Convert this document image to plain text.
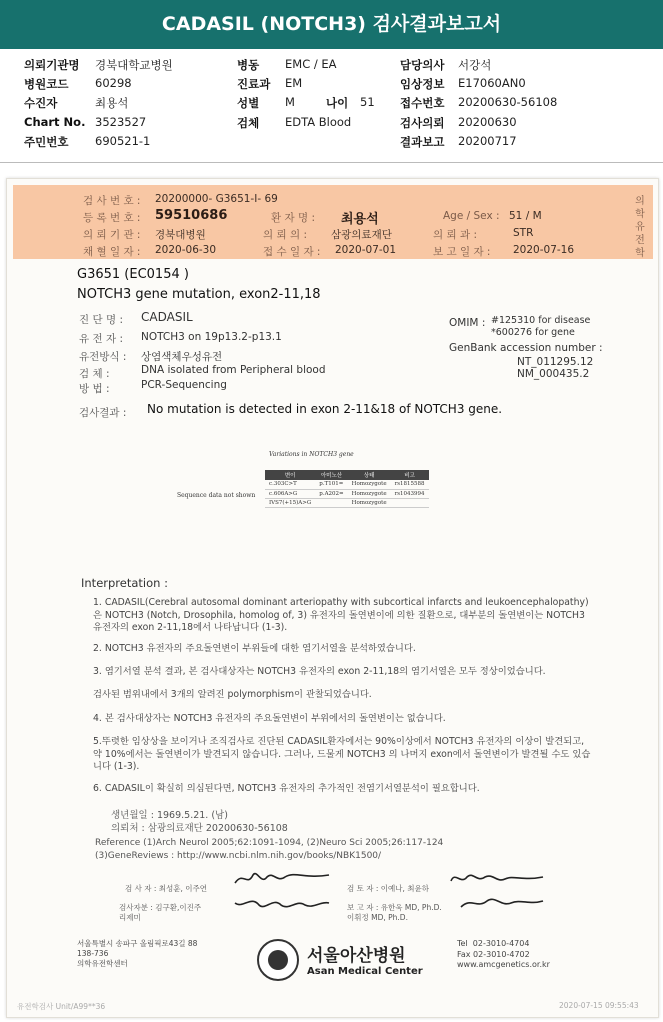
CADASIL (NOTCH3) 검사결과보고서
의뢰기관명 경북대학교병원
병원코드 60298
수진자	최용석
Chart No. 3523527
주민번호 690521-1
병동 EMC / EA
진료과 EM
성별 M	나이 51
검체 EDTA Blood
담당의사 서강석
임상정보 E17060AN0
접수번호 20200630-56108
검사의뢰 20200630
결과보고 20200717
검 사 번 호 : 20200000- G3651-I- 69
등 록 번 호 : 59510686	환 자 명 : 최용석	Age / Sex : 51 / M
의 뢰 기 관 : 경북대병원	의 뢰 의 : 삼광의료재단	의 뢰 과 :	STR
채 혈 일 자 : 2020-06-30	접 수 일 자 : 2020-07-01	보 고 일 자 : 2020-07-16
의학유전학
G3651 (EC0154 )
NOTCH3 gene mutation, exon2-11,18
진 단 명 : CADASIL
유 전 자 : NOTCH3 on 19p13.2-p13.1
유전방식 : 상염색체우성유전
검 체 :	DNA isolated from Peripheral blood
방 법 :	PCR-Sequencing
OMIM : #125310 for disease
*600276 for gene
GenBank accession number :
NT_011295.12
NM_000435.2
검사결과 : No mutation is detected in exon 2-11&18 of NOTCH3 gene.
Variations in NOTCH3 gene
Sequence data not shown
변이	아미노산	상태	비고
c.303C>T	p.T101=	Homozygote	rs1815588
c.606A>G	p.A202=	Homozygote	rs1043994
IVS7(+15)A>G		Homozygote	
Interpretation :
1. CADASIL(Cerebral autosomal dominant arteriopathy with subcortical infarcts and leukoencephalopathy)은 NOTCH3 (Notch, Drosophila, homolog of, 3) 유전자의 돌연변이에 의한 질환으로, 대부분의 돌연변이는 NOTCH3 유전자의 exon 2-11,18에서 나타납니다 (1-3).
2. NOTCH3 유전자의 주요돌연변이 부위들에 대한 염기서열을 분석하였습니다.
3. 염기서열 분석 결과, 본 검사대상자는 NOTCH3 유전자의 exon 2-11,18의 염기서열은 모두 정상이었습니다.
검사된 범위내에서 3개의 알려진 polymorphism이 관찰되었습니다.
4. 본 검사대상자는 NOTCH3 유전자의 주요돌연변이 부위에서의 돌연변이는 없습니다.
5.뚜렷한 임상상을 보이거나 조직검사로 진단된 CADASIL환자에서는 90%이상에서 NOTCH3 유전자의 이상이 발견되고, 약 10%에서는 돌연변이가 발견되지 않습니다. 그러나, 드물게 NOTCH3 의 나머지 exon에서 돌연변이가 발견될 수도 있습니다 (1-3).
6. CADASIL이 확실히 의심된다면, NOTCH3 유전자의 추가적인 전염기서열분석이 필요합니다.
생년월일 : 1969.5.21. (남)
의뢰처 : 삼광의료재단 20200630-56108
Reference (1)Arch Neurol 2005;62:1091-1094, (2)Neuro Sci 2005;26:117-124 (3)GeneReviews : http://www.ncbi.nlm.nih.gov/books/NBK1500/
검 사 자 : 최성훈, 이주연	검 토 자 : 이예나, 최윤하
검사자분 : 김구환,이진주
리제미
보 고 자 : 유한욱 MD, Ph.D.
이휘정 MD, Ph.D.
서울특별시 송파구 올림픽로43길 88
138-736
의학유전학센터
Tel  02-3010-4704
Fax 02-3010-4702
www.amcgenetics.or.kr
서울아산병원
Asan Medical Center
유전학검사 Unit/A99**36	2020-07-15 09:55:43
